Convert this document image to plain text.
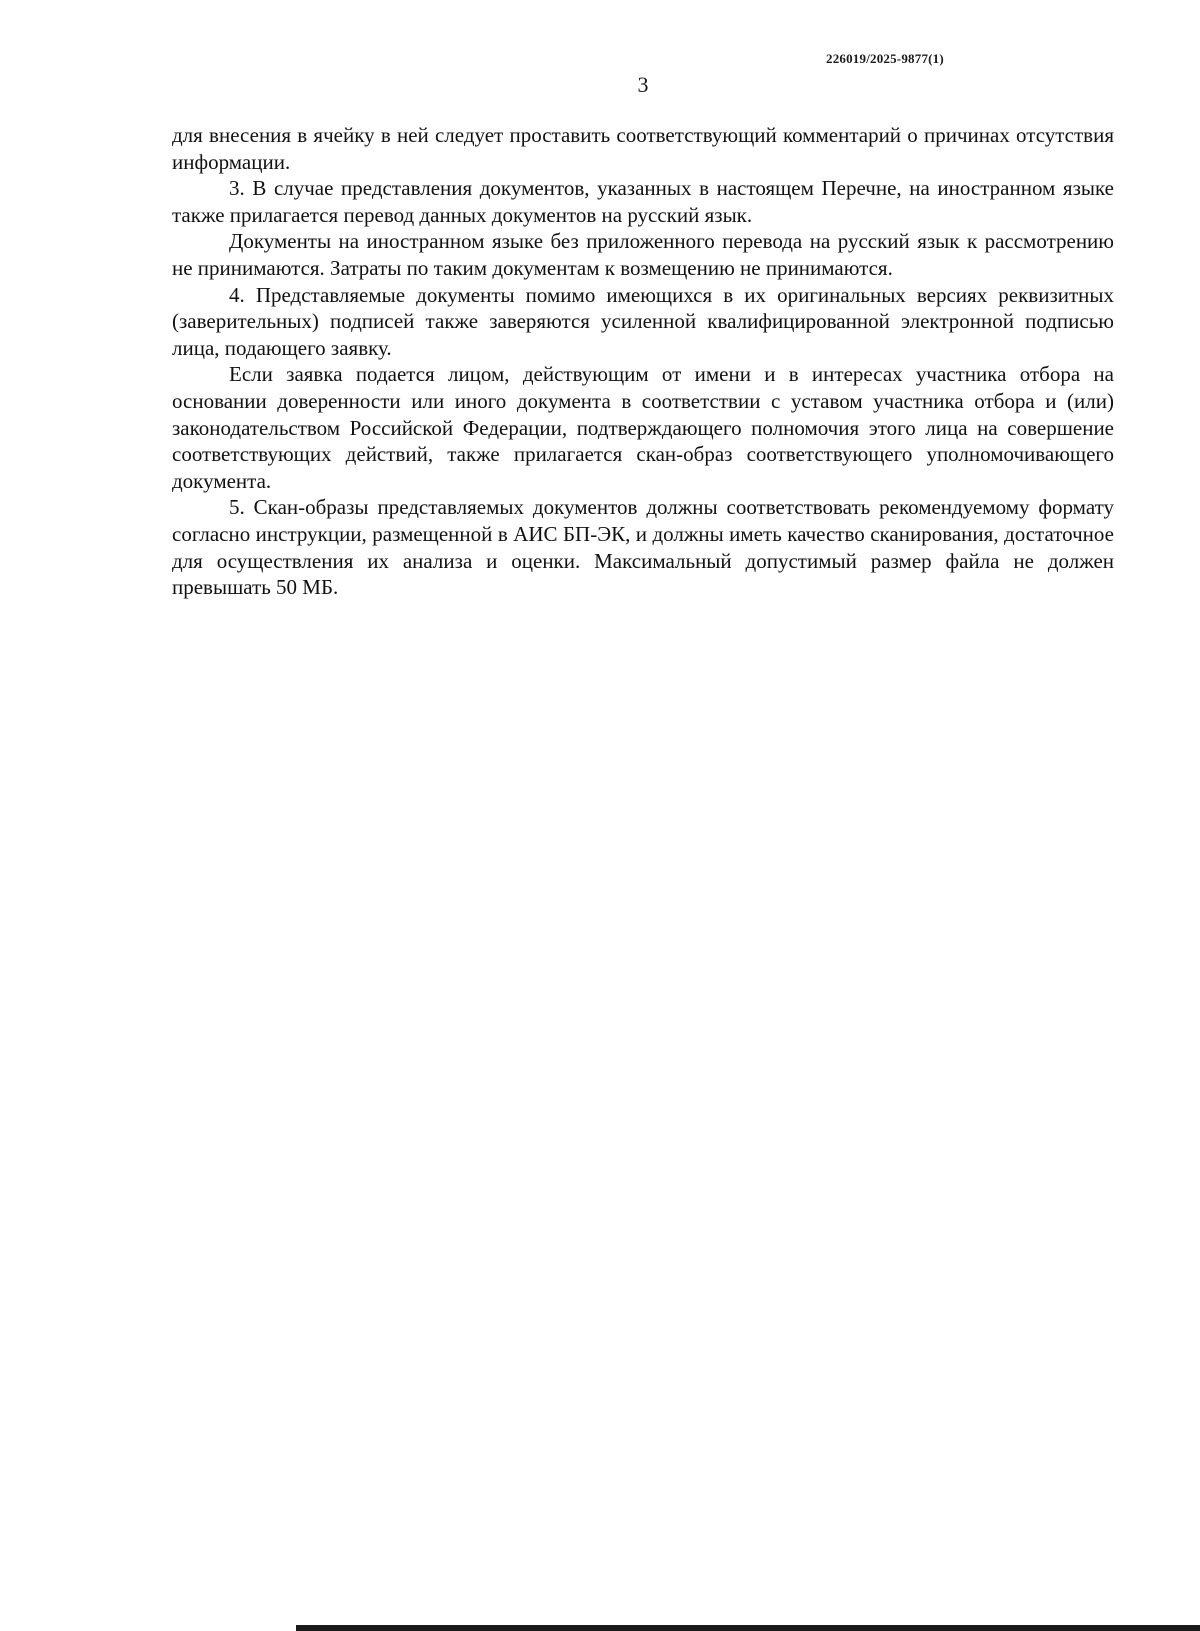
226019/2025-9877(1)
3

для внесения в ячейку в ней следует проставить соответствующий комментарий о причинах отсутствия информации.

3. В случае представления документов, указанных в настоящем Перечне, на иностранном языке также прилагается перевод данных документов на русский язык.

Документы на иностранном языке без приложенного перевода на русский язык к рассмотрению не принимаются. Затраты по таким документам к возмещению не принимаются.

4. Представляемые документы помимо имеющихся в их оригинальных версиях реквизитных (заверительных) подписей также заверяются усиленной квалифицированной электронной подписью лица, подающего заявку.

Если заявка подается лицом, действующим от имени и в интересах участника отбора на основании доверенности или иного документа в соответствии с уставом участника отбора и (или) законодательством Российской Федерации, подтверждающего полномочия этого лица на совершение соответствующих действий, также прилагается скан-образ соответствующего уполномочивающего документа.

5. Скан-образы представляемых документов должны соответствовать рекомендуемому формату согласно инструкции, размещенной в АИС БП-ЭК, и должны иметь качество сканирования, достаточное для осуществления их анализа и оценки. Максимальный допустимый размер файла не должен превышать 50 МБ.
